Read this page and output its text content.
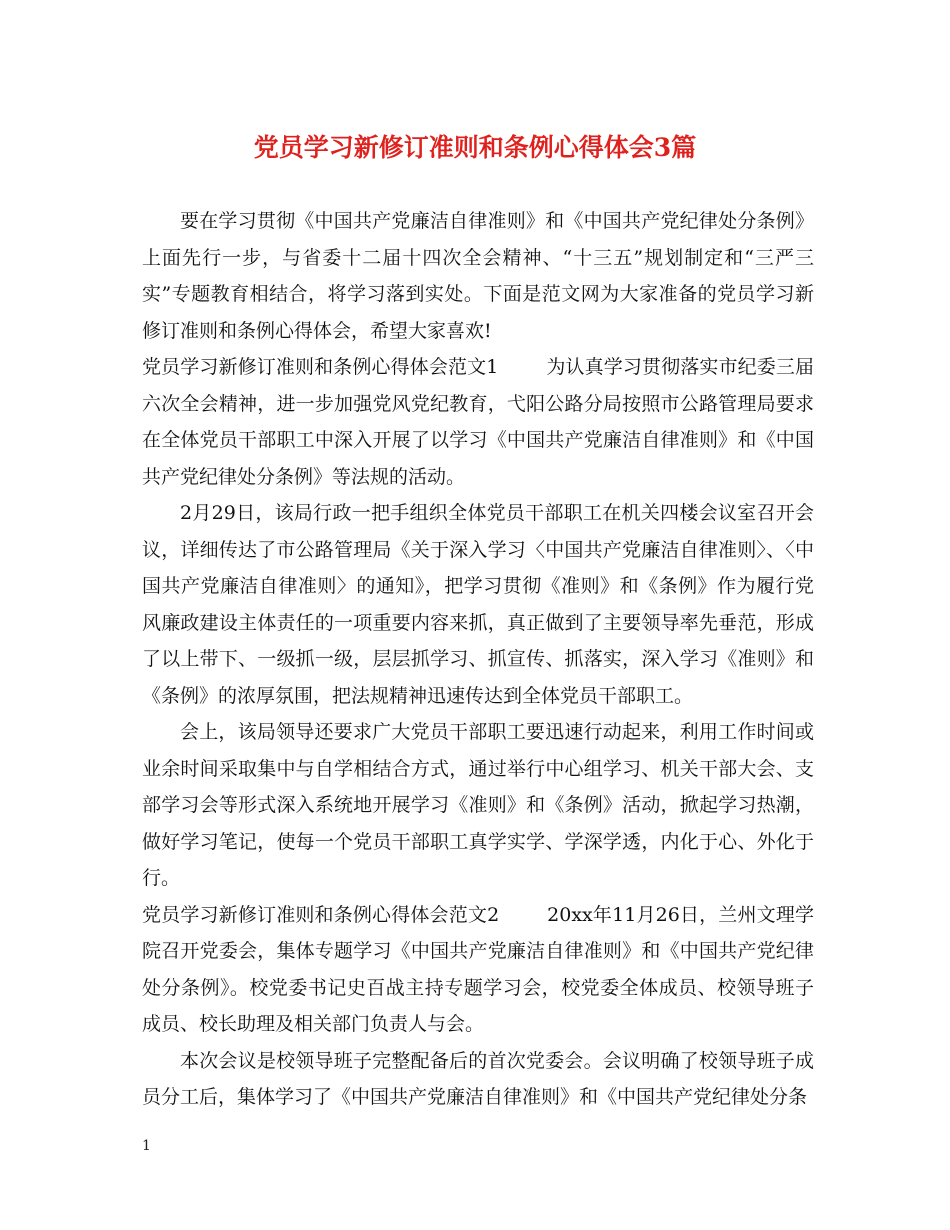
党员学习新修订准则和条例心得体会3篇

要在学习贯彻《中国共产党廉洁自律准则》和《中国共产党纪律处分条例》上面先行一步，与省委十二届十四次全会精神、“十三五”规划制定和“三严三实”专题教育相结合，将学习落到实处。下面是范文网为大家准备的党员学习新修订准则和条例心得体会，希望大家喜欢!

党员学习新修订准则和条例心得体会范文1	为认真学习贯彻落实市纪委三届六次全会精神，进一步加强党风党纪教育，弋阳公路分局按照市公路管理局要求在全体党员干部职工中深入开展了以学习《中国共产党廉洁自律准则》和《中国共产党纪律处分条例》等法规的活动。

2月29日，该局行政一把手组织全体党员干部职工在机关四楼会议室召开会议，详细传达了市公路管理局《关于深入学习〈中国共产党廉洁自律准则〉、〈中国共产党廉洁自律准则〉的通知》，把学习贯彻《准则》和《条例》作为履行党风廉政建设主体责任的一项重要内容来抓，真正做到了主要领导率先垂范，形成了以上带下、一级抓一级，层层抓学习、抓宣传、抓落实，深入学习《准则》和《条例》的浓厚氛围，把法规精神迅速传达到全体党员干部职工。

会上，该局领导还要求广大党员干部职工要迅速行动起来，利用工作时间或业余时间采取集中与自学相结合方式，通过举行中心组学习、机关干部大会、支部学习会等形式深入系统地开展学习《准则》和《条例》活动，掀起学习热潮，做好学习笔记，使每一个党员干部职工真学实学、学深学透，内化于心、外化于行。

党员学习新修订准则和条例心得体会范文2	20xx年11月26日，兰州文理学院召开党委会，集体专题学习《中国共产党廉洁自律准则》和《中国共产党纪律处分条例》。校党委书记史百战主持专题学习会，校党委全体成员、校领导班子成员、校长助理及相关部门负责人与会。

本次会议是校领导班子完整配备后的首次党委会。会议明确了校领导班子成员分工后，集体学习了《中国共产党廉洁自律准则》和《中国共产党纪律处分条

1
